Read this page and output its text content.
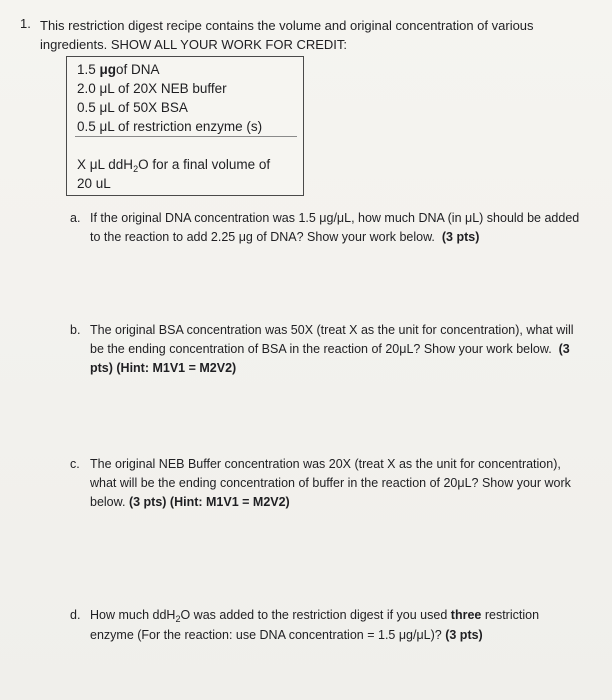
1. This restriction digest recipe contains the volume and original concentration of various
ingredients. SHOW ALL YOUR WORK FOR CREDIT:
1.5 μgof DNA
2.0 μL of 20X NEB buffer
0.5 μL of 50X BSA
0.5 μL of restriction enzyme (s)
X μL ddH$_2$O for a final volume of
20 uL
a. If the original DNA concentration was 1.5 μg/μL, how much DNA (in μL) should be added
to the reaction to add 2.25 μg of DNA? Show your work below. (3 pts)
b. The original BSA concentration was 50X (treat X as the unit for concentration), what will
be the ending concentration of BSA in the reaction of 20μL? Show your work below. (3
pts) (Hint: M1V1 = M2V2)
c. The original NEB Buffer concentration was 20X (treat X as the unit for concentration),
what will be the ending concentration of buffer in the reaction of 20μL? Show your work
below. (3 pts) (Hint: M1V1 = M2V2)
d. How much ddH$_2$O was added to the restriction digest if you used three restriction
enzyme (For the reaction: use DNA concentration = 1.5 μg/μL)? (3 pts)
